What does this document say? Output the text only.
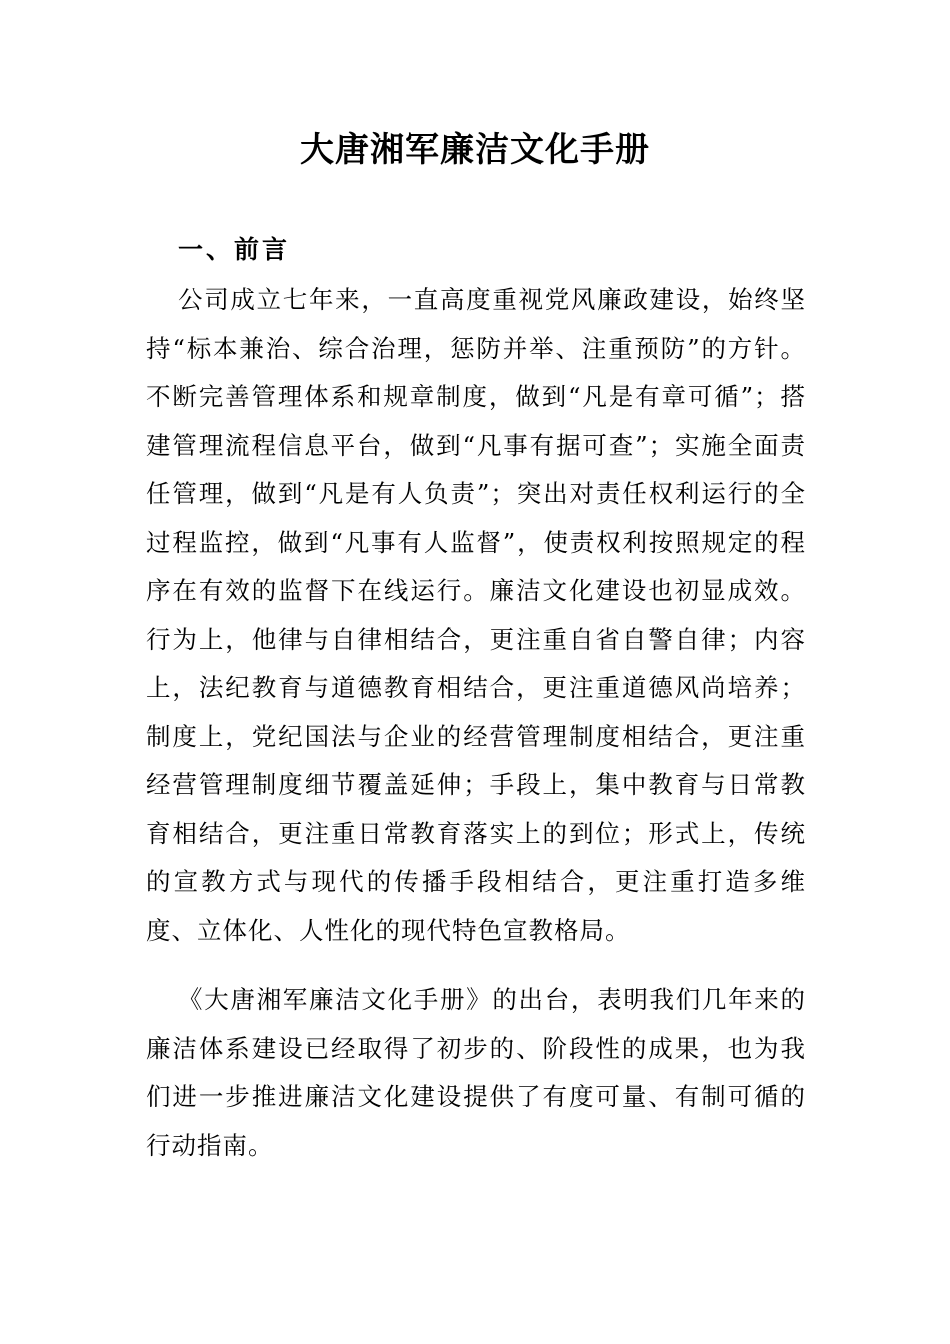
大唐湘军廉洁文化手册
一、前言

公司成立七年来，一直高度重视党风廉政建设，始终坚持“标本兼治、综合治理，惩防并举、注重预防”的方针。不断完善管理体系和规章制度，做到“凡是有章可循”；搭建管理流程信息平台，做到“凡事有据可查”；实施全面责任管理，做到“凡是有人负责”；突出对责任权利运行的全过程监控，做到“凡事有人监督”，使责权利按照规定的程序在有效的监督下在线运行。廉洁文化建设也初显成效。行为上，他律与自律相结合，更注重自省自警自律；内容上，法纪教育与道德教育相结合，更注重道德风尚培养；制度上，党纪国法与企业的经营管理制度相结合，更注重经营管理制度细节覆盖延伸；手段上，集中教育与日常教育相结合，更注重日常教育落实上的到位；形式上，传统的宣教方式与现代的传播手段相结合，更注重打造多维度、立体化、人性化的现代特色宣教格局。

《大唐湘军廉洁文化手册》的出台，表明我们几年来的廉洁体系建设已经取得了初步的、阶段性的成果，也为我们进一步推进廉洁文化建设提供了有度可量、有制可循的行动指南。
